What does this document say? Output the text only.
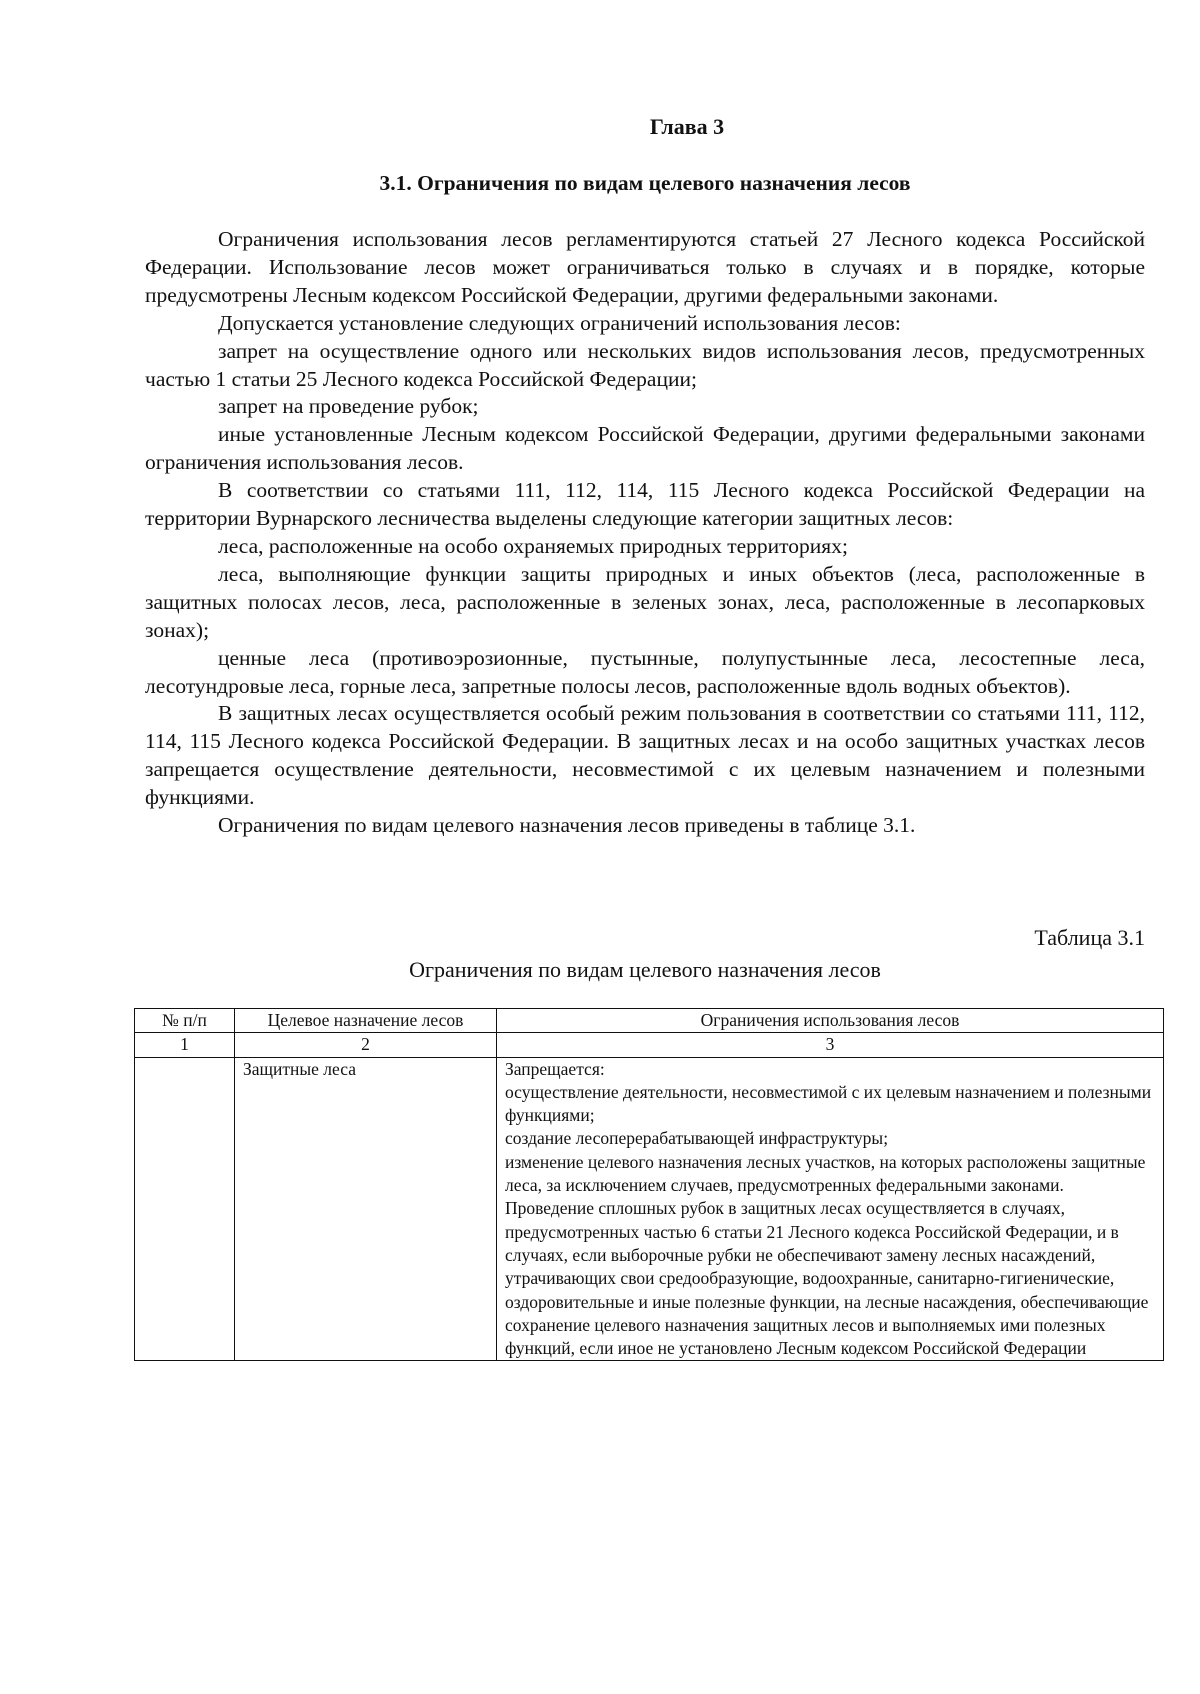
Глава 3
3.1. Ограничения по видам целевого назначения лесов

Ограничения использования лесов регламентируются статьей 27 Лесного кодекса Российской Федерации. Использование лесов может ограничиваться только в случаях и в порядке, которые предусмотрены Лесным кодексом Российской Федерации, другими федеральными законами.

Допускается установление следующих ограничений использования лесов:

запрет на осуществление одного или нескольких видов использования лесов, предусмотренных частью 1 статьи 25 Лесного кодекса Российской Федерации;

запрет на проведение рубок;

иные установленные Лесным кодексом Российской Федерации, другими федеральными законами ограничения использования лесов.

В соответствии со статьями 111, 112, 114, 115 Лесного кодекса Российской Федерации на территории Вурнарского лесничества выделены следующие категории защитных лесов:

леса, расположенные на особо охраняемых природных территориях;

леса, выполняющие функции защиты природных и иных объектов (леса, расположенные в защитных полосах лесов, леса, расположенные в зеленых зонах, леса, расположенные в лесопарковых зонах);

ценные леса (противоэрозионные, пустынные, полупустынные леса, лесостепные леса, лесотундровые леса, горные леса, запретные полосы лесов, расположенные вдоль водных объектов).

В защитных лесах осуществляется особый режим пользования в соответствии со статьями 111, 112, 114, 115 Лесного кодекса Российской Федерации. В защитных лесах и на особо защитных участках лесов запрещается осуществление деятельности, несовместимой с их целевым назначением и полезными функциями.

Ограничения по видам целевого назначения лесов приведены в таблице 3.1.

Таблица 3.1
Ограничения по видам целевого назначения лесов
№ п/п	Целевое назначение лесов	Ограничения использования лесов
1	2	3
	Защитные леса	Запрещается:
осуществление деятельности, несовместимой с их целевым назначением и полезными функциями;
создание лесоперерабатывающей инфраструктуры;
изменение целевого назначения лесных участков, на которых расположены защитные леса, за исключением случаев, предусмотренных федеральными законами.
Проведение сплошных рубок в защитных лесах осуществляется в случаях, предусмотренных частью 6 статьи 21 Лесного кодекса Российской Федерации, и в случаях, если выборочные рубки не обеспечивают замену лесных насаждений, утрачивающих свои средообразующие, водоохранные, санитарно-гигиенические, оздоровительные и иные полезные функции, на лесные насаждения, обеспечивающие сохранение целевого назначения защитных лесов и выполняемых ими полезных функций, если иное не установлено Лесным кодексом Российской Федерации
